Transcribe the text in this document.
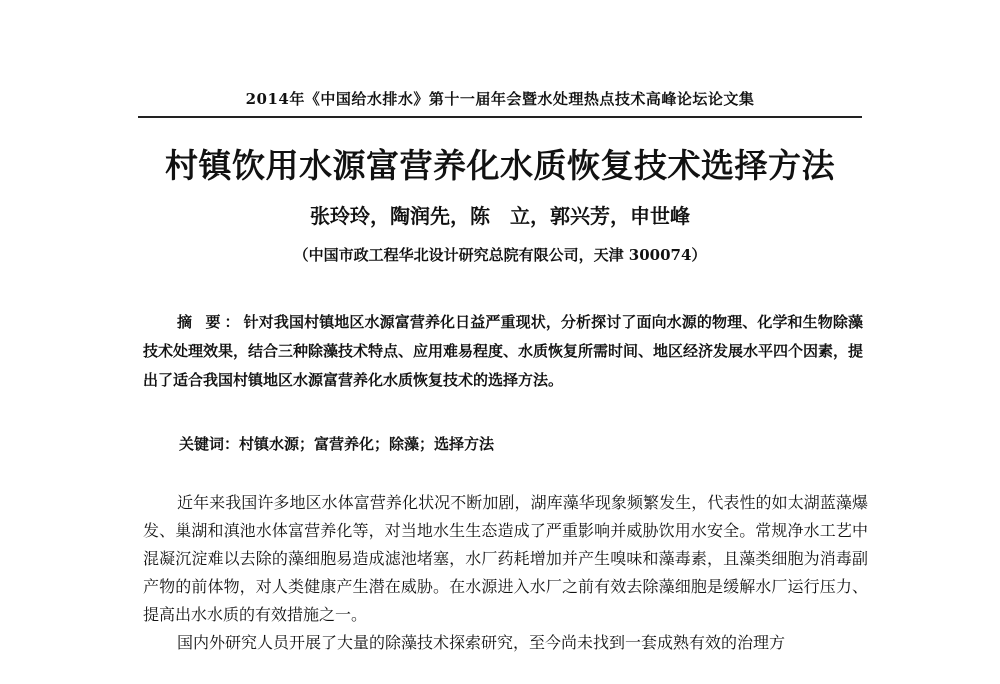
2014年《中国给水排水》第十一届年会暨水处理热点技术高峰论坛论文集
村镇饮用水源富营养化水质恢复技术选择方法
张玲玲，陶润先，陈　立，郭兴芳，申世峰
（中国市政工程华北设计研究总院有限公司，天津 300074）
摘 要：针对我国村镇地区水源富营养化日益严重现状，分析探讨了面向水源的物理、化学和生物除藻技术处理效果，结合三种除藻技术特点、应用难易程度、水质恢复所需时间、地区经济发展水平四个因素，提出了适合我国村镇地区水源富营养化水质恢复技术的选择方法。
关键词：村镇水源；富营养化；除藻；选择方法

近年来我国许多地区水体富营养化状况不断加剧，湖库藻华现象频繁发生，代表性的如太湖蓝藻爆发、巢湖和滇池水体富营养化等，对当地水生生态造成了严重影响并威胁饮用水安全。常规净水工艺中混凝沉淀难以去除的藻细胞易造成滤池堵塞，水厂药耗增加并产生嗅味和藻毒素，且藻类细胞为消毒副产物的前体物，对人类健康产生潜在威胁。在水源进入水厂之前有效去除藻细胞是缓解水厂运行压力、提高出水水质的有效措施之一。

国内外研究人员开展了大量的除藻技术探索研究，至今尚未找到一套成熟有效的治理方
